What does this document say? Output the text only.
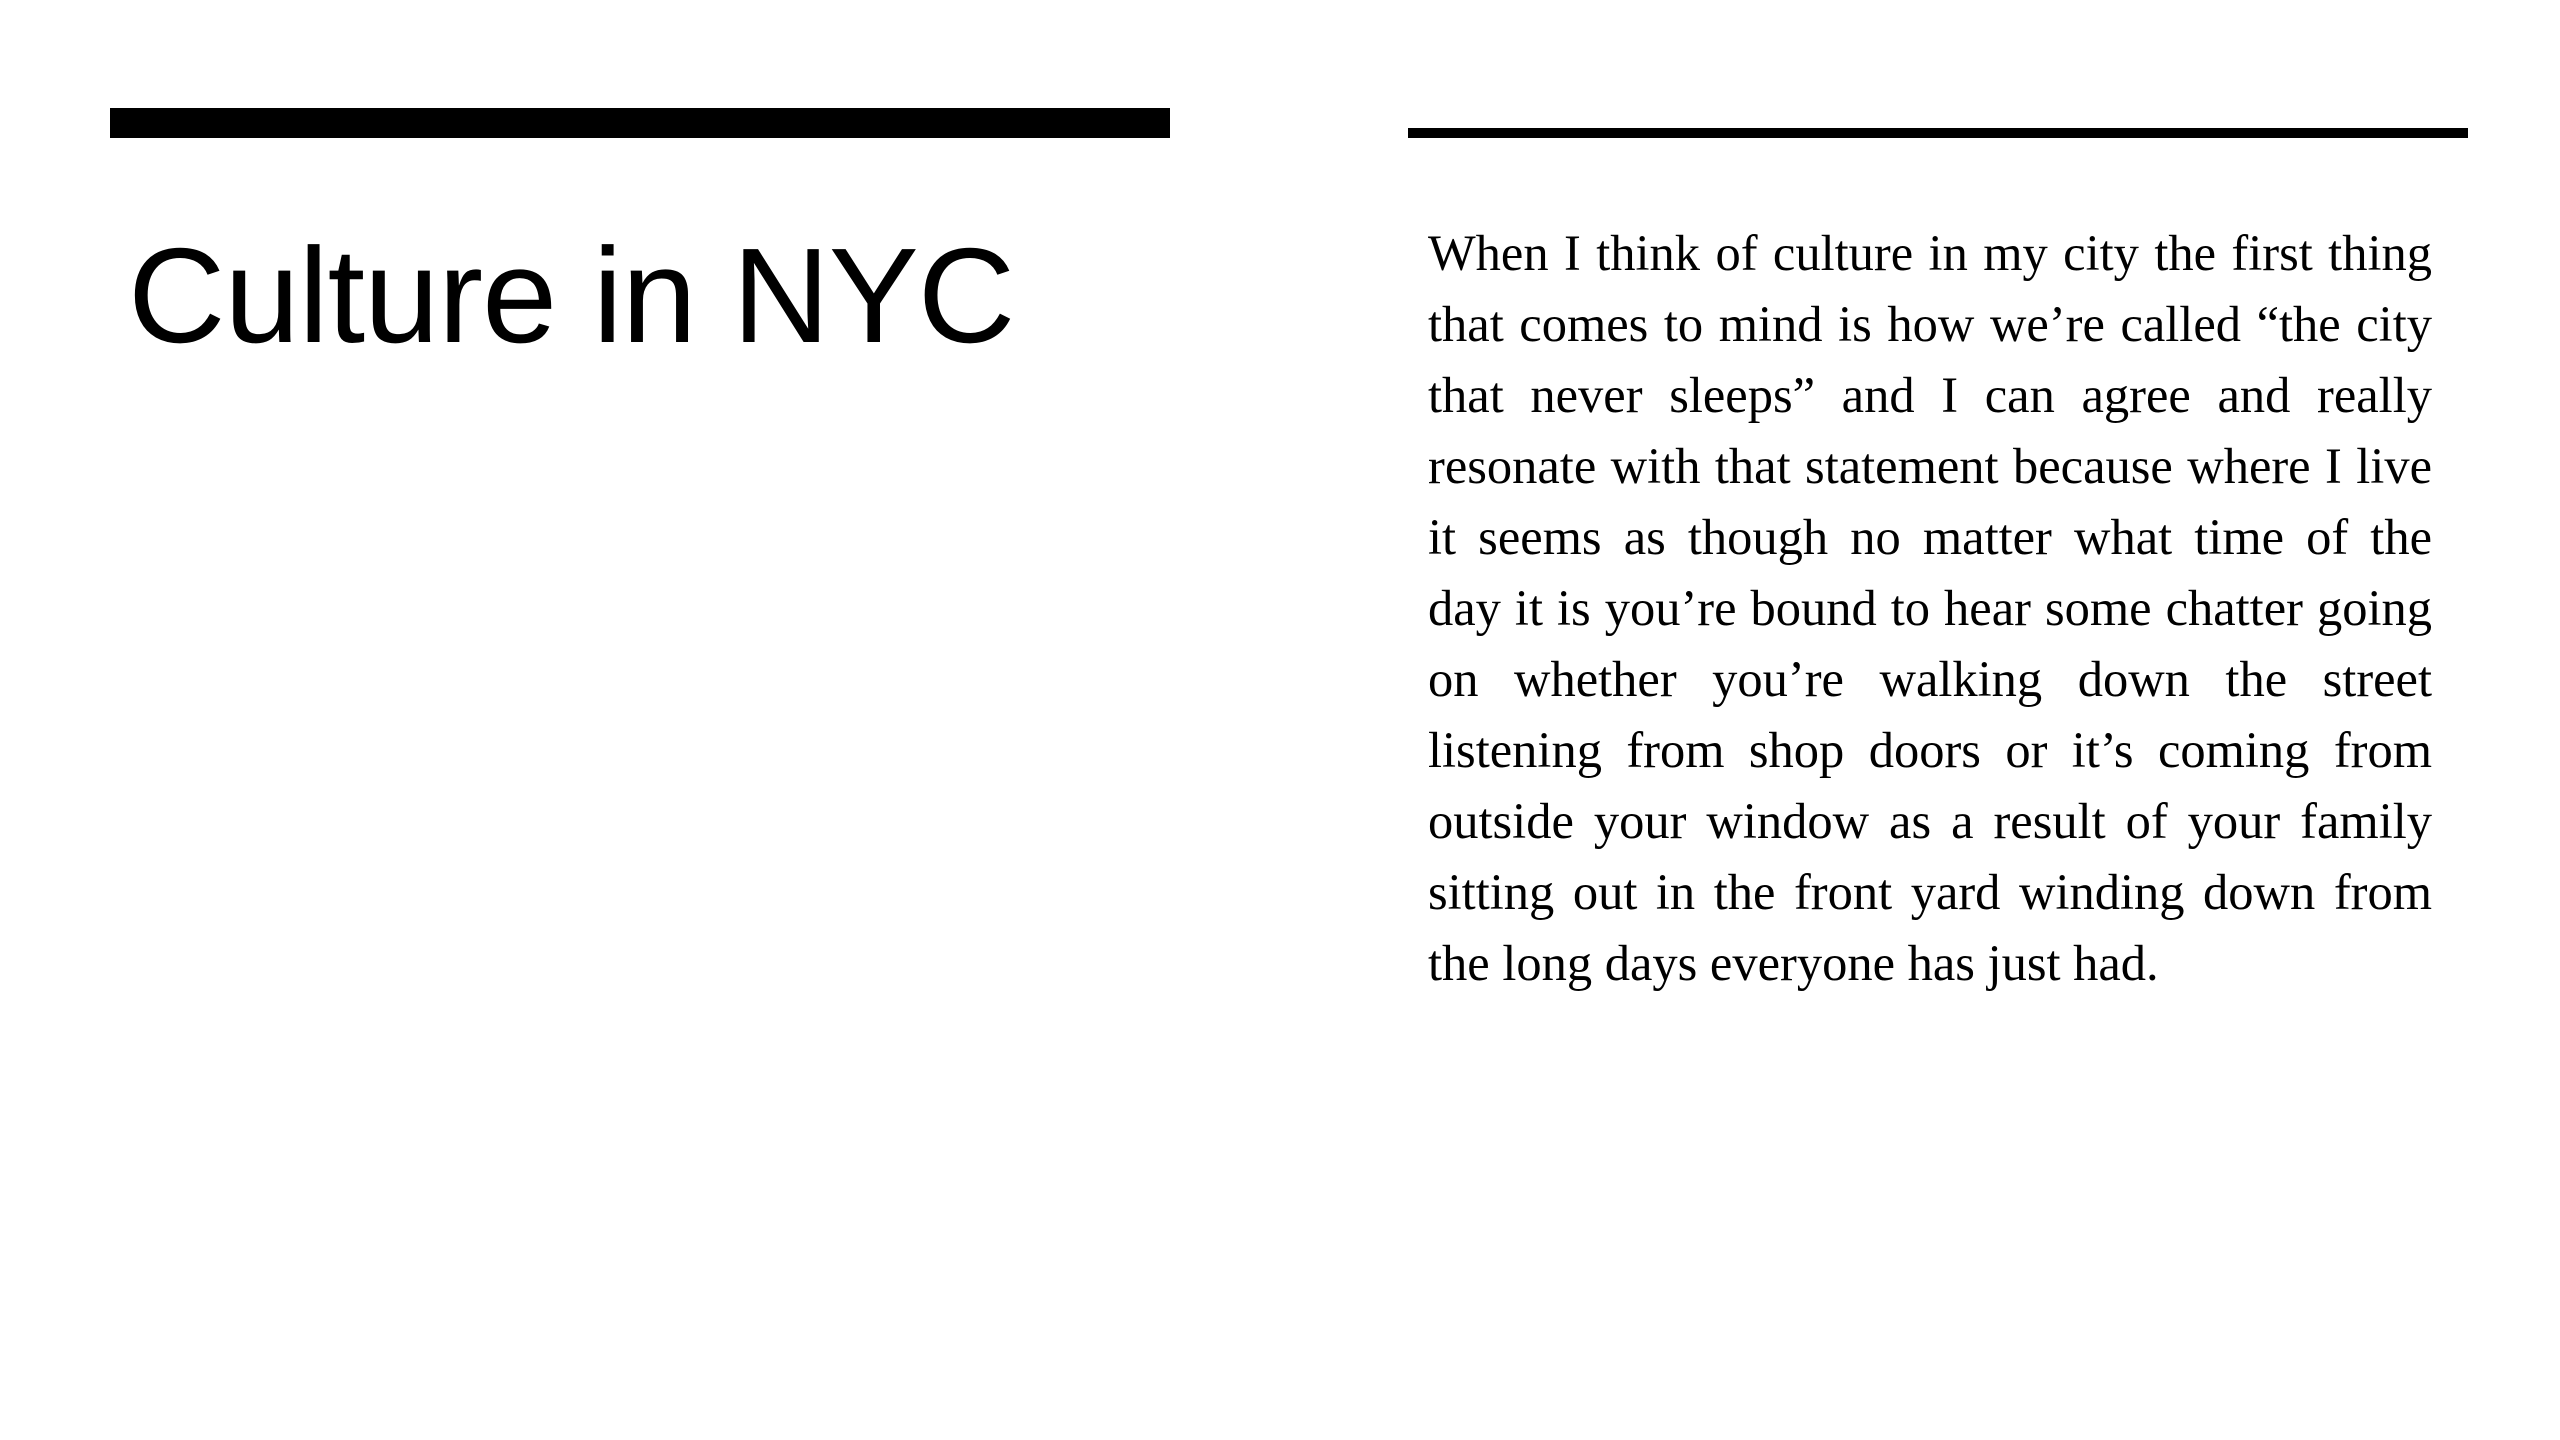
Culture in NYC	When I think of culture in my city the first thing that comes to mind is how we’re called “the city that never sleeps” and I can agree and really resonate with that statement because where I live it seems as though no matter what time of the day it is you’re bound to hear some chatter going on whether you’re walking down the street listening from shop doors or it’s coming from outside your window as a result of your family sitting out in the front yard winding down from the long days everyone has just had.
